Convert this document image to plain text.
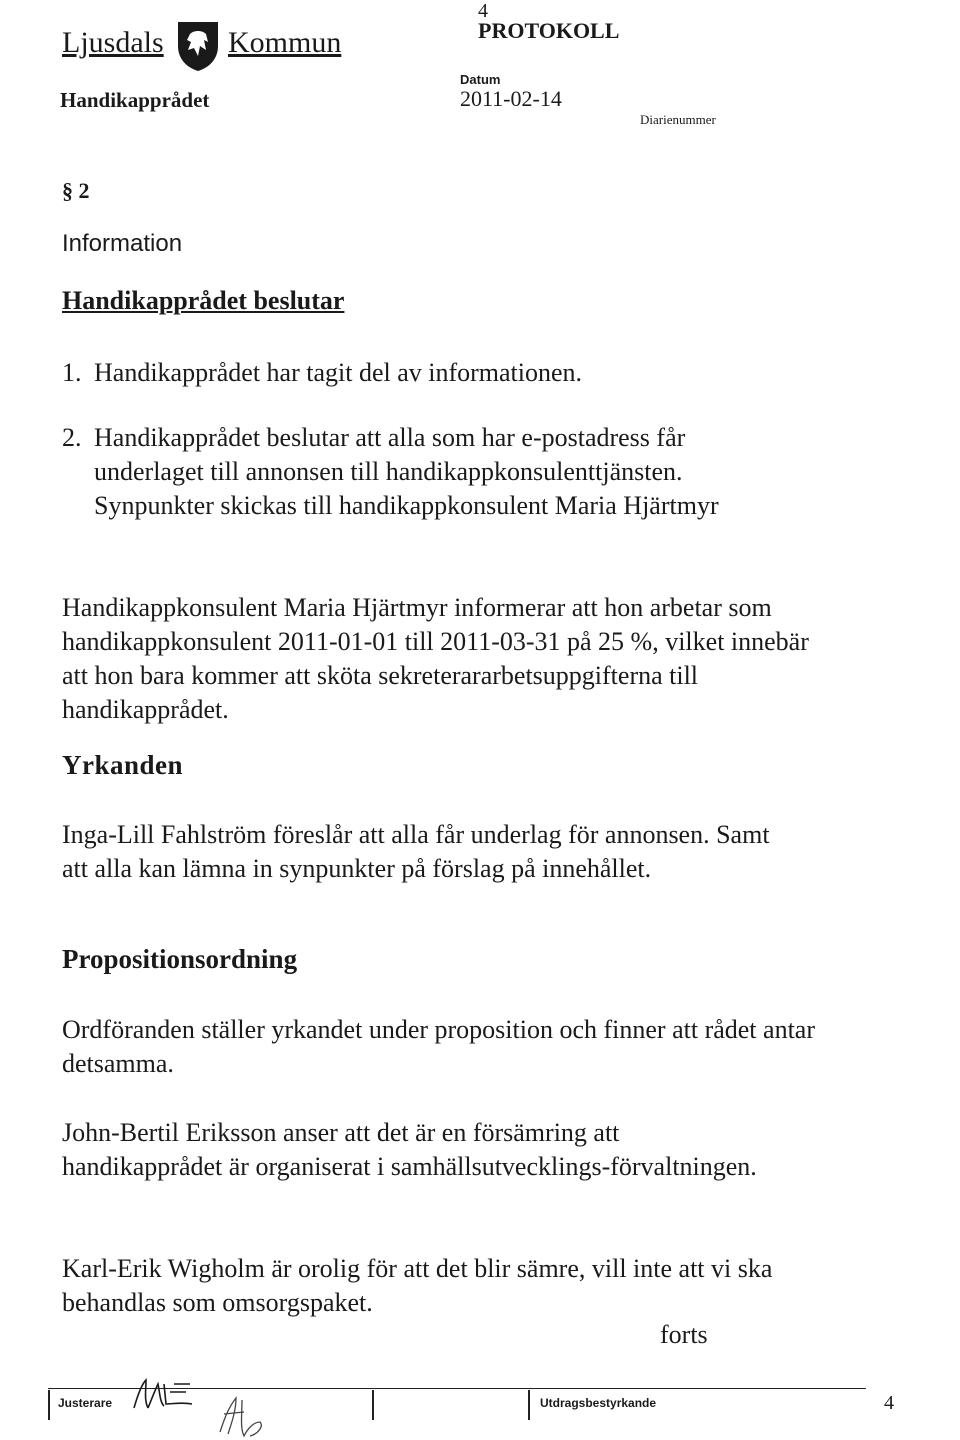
Ljusdals Kommun
Handikapprådet
4
PROTOKOLL
Datum
2011-02-14
Diarienummer
§ 2
Information
Handikapprådet beslutar
1. Handikapprådet har tagit del av informationen.
2. Handikapprådet beslutar att alla som har e-postadress får underlaget till annonsen till handikappkonsulenttjänsten. Synpunkter skickas till handikappkonsulent Maria Hjärtmyr
Handikappkonsulent Maria Hjärtmyr informerar att hon arbetar som handikappkonsulent 2011-01-01 till 2011-03-31 på 25 %, vilket innebär att hon bara kommer att sköta sekreterararbetsuppgifterna till handikapprådet.
Yrkanden
Inga-Lill Fahlström föreslår att alla får underlag för annonsen. Samt att alla kan lämna in synpunkter på förslag på innehållet.
Propositionsordning
Ordföranden ställer yrkandet under proposition och finner att rådet antar detsamma.
John-Bertil Eriksson anser att det är en försämring att handikapprådet är organiserat i samhällsutvecklings-förvaltningen.
Karl-Erik Wigholm är orolig för att det blir sämre, vill inte att vi ska behandlas som omsorgspaket.
forts
Justerare	Utdragsbestyrkande	4
